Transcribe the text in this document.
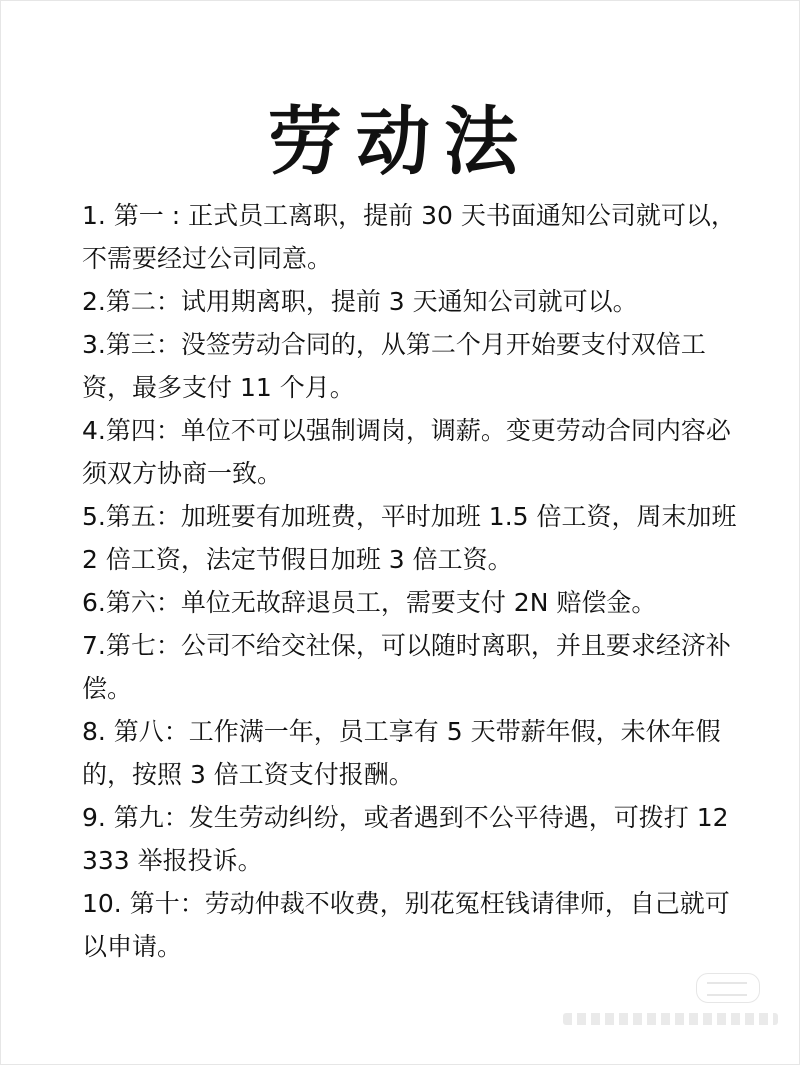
劳动法
1. 第一 : 正式员工离职，提前 30 天书面通知公司就可以，不需要经过公司同意。
2.第二：试用期离职，提前 3 天通知公司就可以。
3.第三：没签劳动合同的，从第二个月开始要支付双倍工资，最多支付 11 个月。
4.第四：单位不可以强制调岗，调薪。变更劳动合同内容必须双方协商一致。
5.第五：加班要有加班费，平时加班 1.5 倍工资，周末加班 2 倍工资，法定节假日加班 3 倍工资。
6.第六：单位无故辞退员工，需要支付 2N 赔偿金。
7.第七：公司不给交社保，可以随时离职，并且要求经济补偿。
8. 第八：工作满一年，员工享有 5 天带薪年假，未休年假的，按照 3 倍工资支付报酬。
9. 第九：发生劳动纠纷，或者遇到不公平待遇，可拨打 12333 举报投诉。
10. 第十：劳动仲裁不收费，别花冤枉钱请律师，自己就可以申请。
